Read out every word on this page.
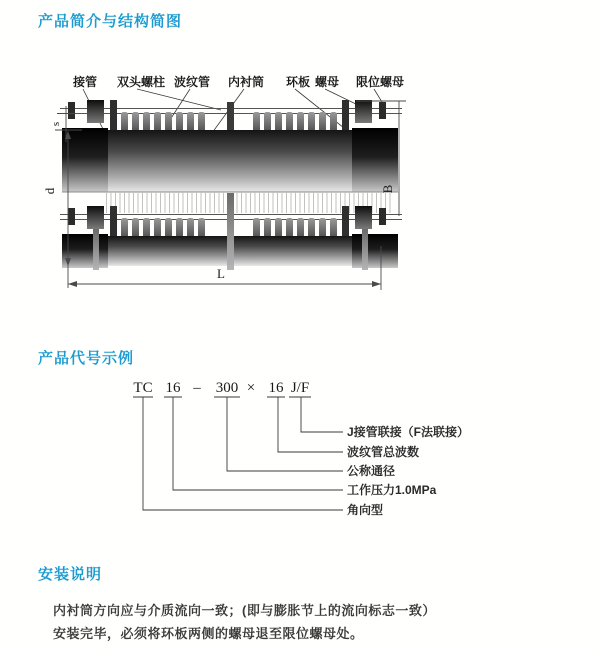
产品简介与结构简图
产品代号示例
安装说明
内衬筒方向应与介质流向一致；(即与膨胀节上的流向标志一致）
安装完毕，必须将环板两侧的螺母退至限位螺母处。
接管 双头螺柱 波纹管 内衬筒 环板 螺母 限位螺母
s
d	B
L
TC 16 – 300 × 16 J/F
J接管联接（F法联接）
波纹管总波数
公称通径
工作压力1.0MPa
角向型
